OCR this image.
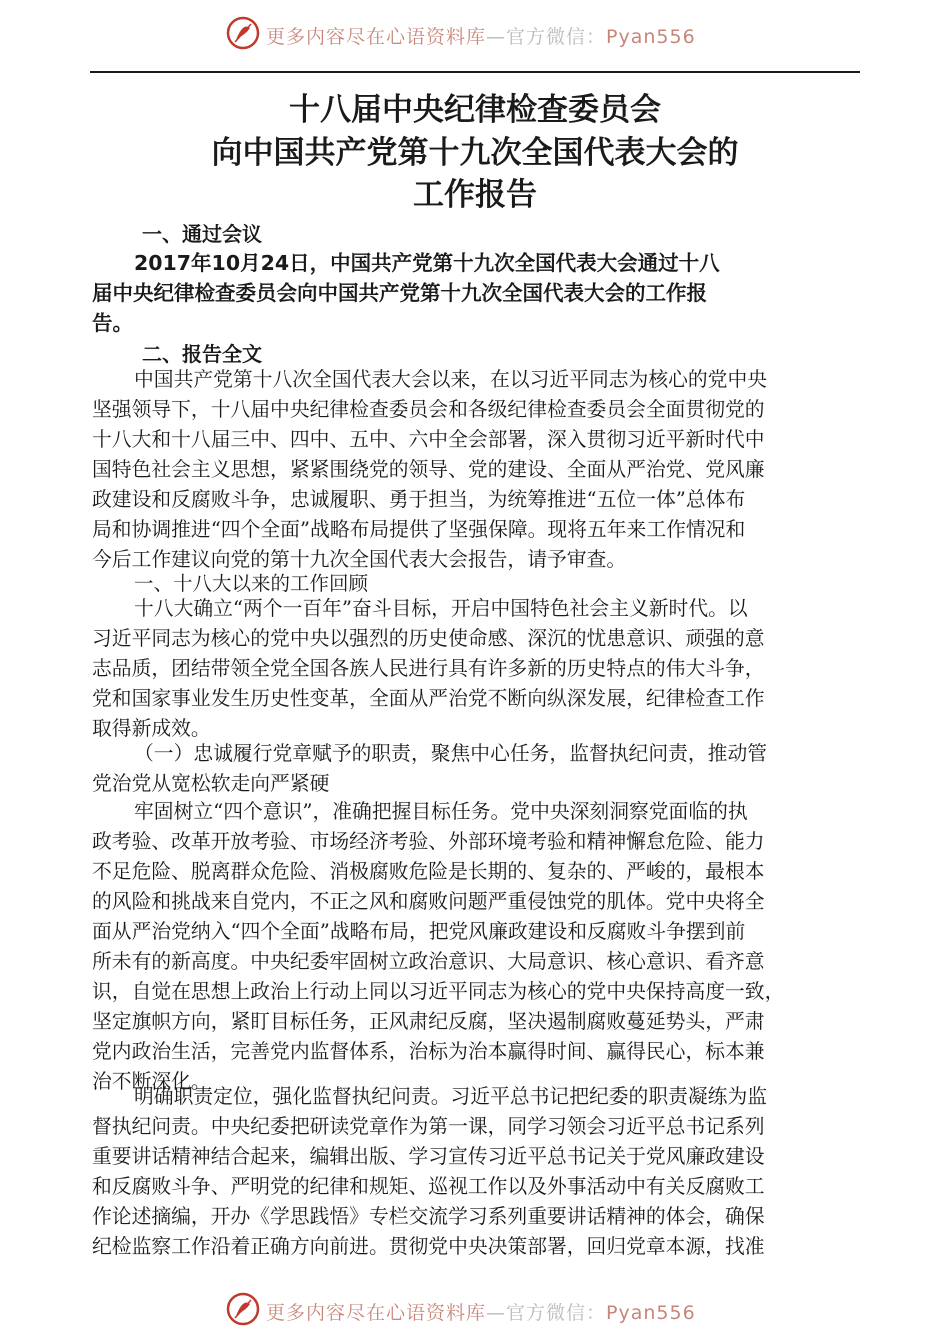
更多内容尽在心语资料库—官方微信：Pyan556
十八届中央纪律检查委员会
向中国共产党第十九次全国代表大会的
工作报告
一、通过会议
2017年10月24日，中国共产党第十九次全国代表大会通过十八
届中央纪律检查委员会向中国共产党第十九次全国代表大会的工作报
告。
二、报告全文
中国共产党第十八次全国代表大会以来，在以习近平同志为核心的党中央
坚强领导下，十八届中央纪律检查委员会和各级纪律检查委员会全面贯彻党的
十八大和十八届三中、四中、五中、六中全会部署，深入贯彻习近平新时代中
国特色社会主义思想，紧紧围绕党的领导、党的建设、全面从严治党、党风廉
政建设和反腐败斗争，忠诚履职、勇于担当，为统筹推进“五位一体”总体布
局和协调推进“四个全面”战略布局提供了坚强保障。现将五年来工作情况和
今后工作建议向党的第十九次全国代表大会报告，请予审查。
一、十八大以来的工作回顾
十八大确立“两个一百年”奋斗目标，开启中国特色社会主义新时代。以
习近平同志为核心的党中央以强烈的历史使命感、深沉的忧患意识、顽强的意
志品质，团结带领全党全国各族人民进行具有许多新的历史特点的伟大斗争，
党和国家事业发生历史性变革，全面从严治党不断向纵深发展，纪律检查工作
取得新成效。
（一）忠诚履行党章赋予的职责，聚焦中心任务，监督执纪问责，推动管
党治党从宽松软走向严紧硬
牢固树立“四个意识”，准确把握目标任务。党中央深刻洞察党面临的执
政考验、改革开放考验、市场经济考验、外部环境考验和精神懈怠危险、能力
不足危险、脱离群众危险、消极腐败危险是长期的、复杂的、严峻的，最根本
的风险和挑战来自党内，不正之风和腐败问题严重侵蚀党的肌体。党中央将全
面从严治党纳入“四个全面”战略布局，把党风廉政建设和反腐败斗争摆到前
所未有的新高度。中央纪委牢固树立政治意识、大局意识、核心意识、看齐意
识，自觉在思想上政治上行动上同以习近平同志为核心的党中央保持高度一致，
坚定旗帜方向，紧盯目标任务，正风肃纪反腐，坚决遏制腐败蔓延势头，严肃
党内政治生活，完善党内监督体系，治标为治本赢得时间、赢得民心，标本兼
治不断深化。
明确职责定位，强化监督执纪问责。习近平总书记把纪委的职责凝练为监
督执纪问责。中央纪委把研读党章作为第一课，同学习领会习近平总书记系列
重要讲话精神结合起来，编辑出版、学习宣传习近平总书记关于党风廉政建设
和反腐败斗争、严明党的纪律和规矩、巡视工作以及外事活动中有关反腐败工
作论述摘编，开办《学思践悟》专栏交流学习系列重要讲话精神的体会，确保
纪检监察工作沿着正确方向前进。贯彻党中央决策部署，回归党章本源，找准
更多内容尽在心语资料库—官方微信：Pyan556
